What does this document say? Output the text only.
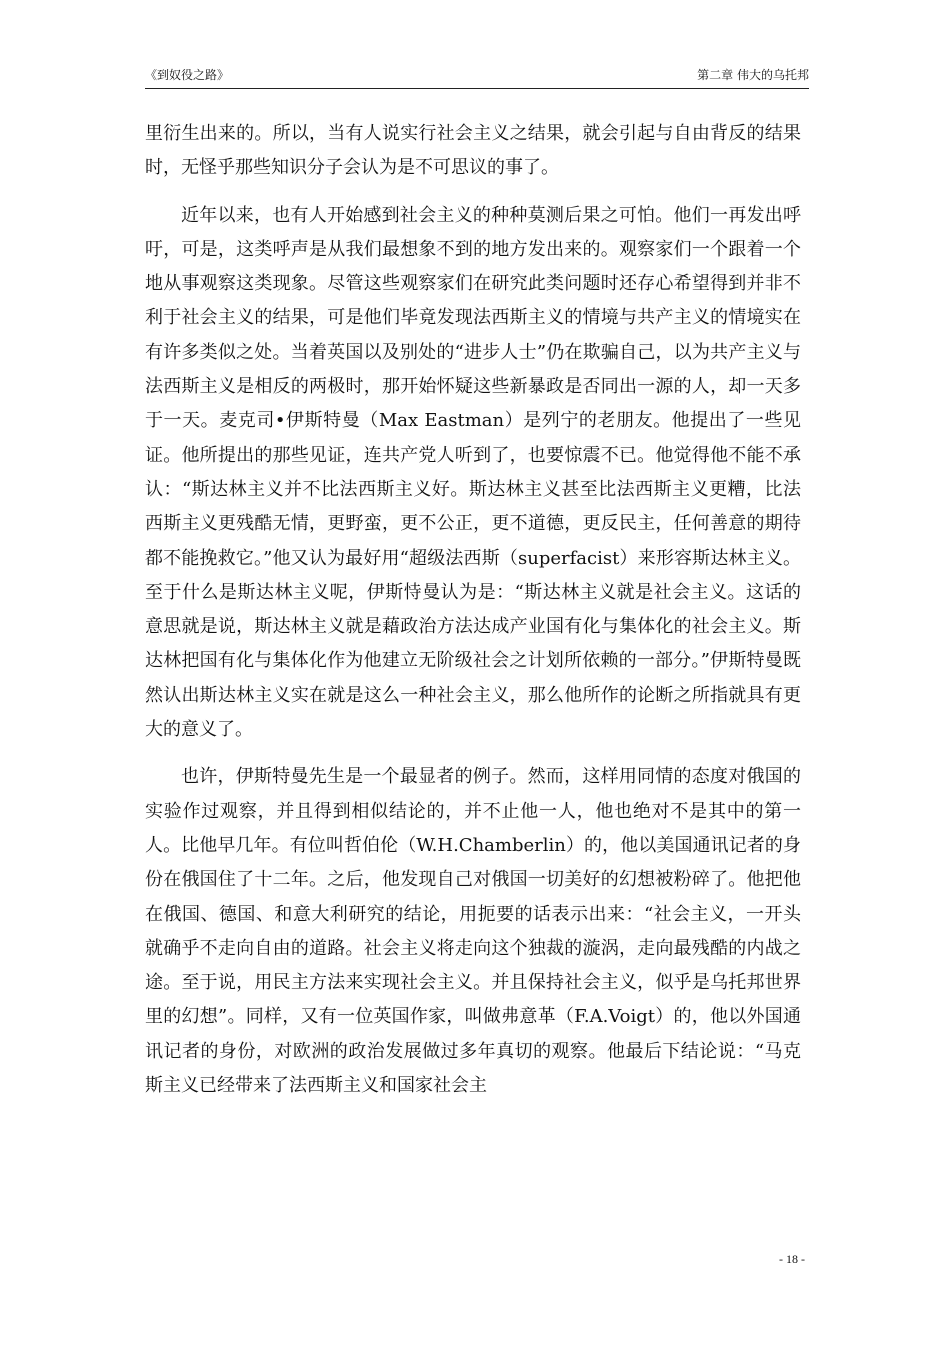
《到奴役之路》	第二章 伟大的乌托邦

里衍生出来的。所以，当有人说实行社会主义之结果，就会引起与自由背反的结果时，无怪乎那些知识分子会认为是不可思议的事了。

近年以来，也有人开始感到社会主义的种种莫测后果之可怕。他们一再发出呼吁，可是，这类呼声是从我们最想象不到的地方发出来的。观察家们一个跟着一个地从事观察这类现象。尽管这些观察家们在研究此类问题时还存心希望得到并非不利于社会主义的结果，可是他们毕竟发现法西斯主义的情境与共产主义的情境实在有许多类似之处。当着英国以及别处的“进步人士”仍在欺骗自己，以为共产主义与法西斯主义是相反的两极时，那开始怀疑这些新暴政是否同出一源的人，却一天多于一天。麦克司•伊斯特曼（Max Eastman）是列宁的老朋友。他提出了一些见证。他所提出的那些见证，连共产党人听到了，也要惊震不已。他觉得他不能不承认：“斯达林主义并不比法西斯主义好。斯达林主义甚至比法西斯主义更糟，比法西斯主义更残酷无情，更野蛮，更不公正，更不道德，更反民主，任何善意的期待都不能挽救它。”他又认为最好用“超级法西斯（superfacist）来形容斯达林主义。至于什么是斯达林主义呢，伊斯恃曼认为是：“斯达林主义就是社会主义。这话的意思就是说，斯达林主义就是藉政治方法达成产业国有化与集体化的社会主义。斯达林把国有化与集体化作为他建立无阶级社会之计划所依赖的一部分。”伊斯特曼既然认出斯达林主义实在就是这么一种社会主义，那么他所作的论断之所指就具有更大的意义了。

也许，伊斯特曼先生是一个最显者的例子。然而，这样用同情的态度对俄国的实验作过观察，并且得到相似结论的，并不止他一人，他也绝对不是其中的第一人。比他早几年。有位叫哲伯伦（W.H.Chamberlin）的，他以美国通讯记者的身份在俄国住了十二年。之后，他发现自己对俄国一切美好的幻想被粉碎了。他把他在俄国、德国、和意大利研究的结论，用扼要的话表示出来：“社会主义，一开头就确乎不走向自由的道路。社会主义将走向这个独裁的漩涡，走向最残酷的内战之途。至于说，用民主方法来实现社会主义。并且保持社会主义，似乎是乌托邦世界里的幻想”。同样，又有一位英国作家，叫做弗意革（F.A.Voigt）的，他以外国通讯记者的身份，对欧洲的政治发展做过多年真切的观察。他最后下结论说：“马克斯主义已经带来了法西斯主义和国家社会主

- 18 -
